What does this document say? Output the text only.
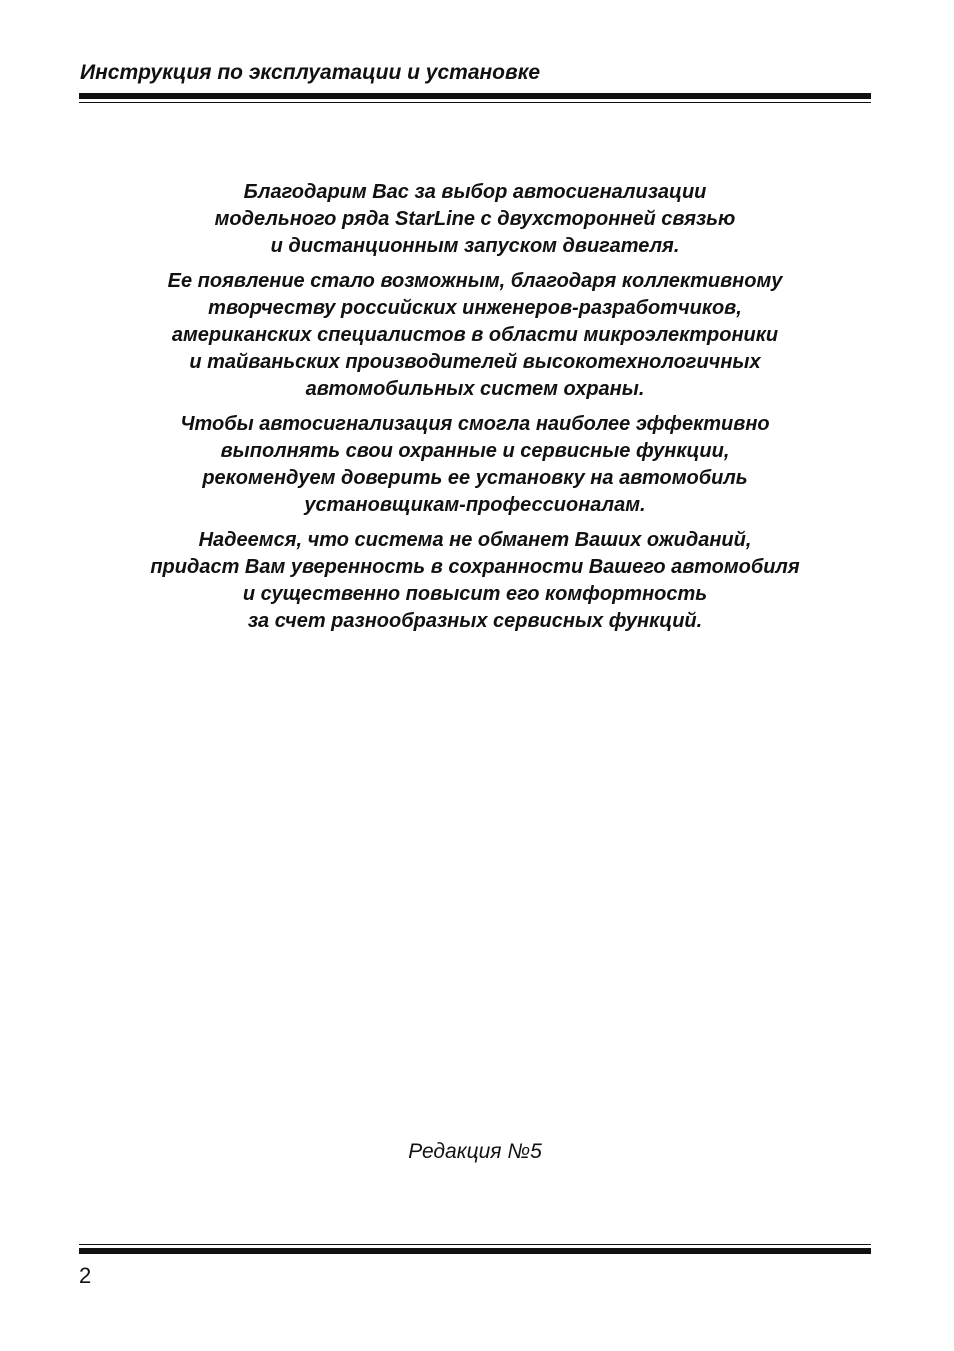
Инструкция по эксплуатации и установке

Благодарим Вас за выбор автосигнализации
модельного ряда StarLine с двухсторонней связью
и дистанционным запуском двигателя.

Ее появление стало возможным, благодаря коллективному
творчеству российских инженеров-разработчиков,
американских специалистов в области микроэлектроники
и тайваньских производителей высокотехнологичных
автомобильных систем охраны.

Чтобы автосигнализация смогла наиболее эффективно
выполнять свои охранные и сервисные функции,
рекомендуем доверить ее установку на автомобиль
установщикам-профессионалам.

Надеемся, что система не обманет Ваших ожиданий,
придаст Вам уверенность в сохранности Вашего автомобиля
и существенно повысит его комфортность
за счет разнообразных сервисных функций.

Редакция №5
2
